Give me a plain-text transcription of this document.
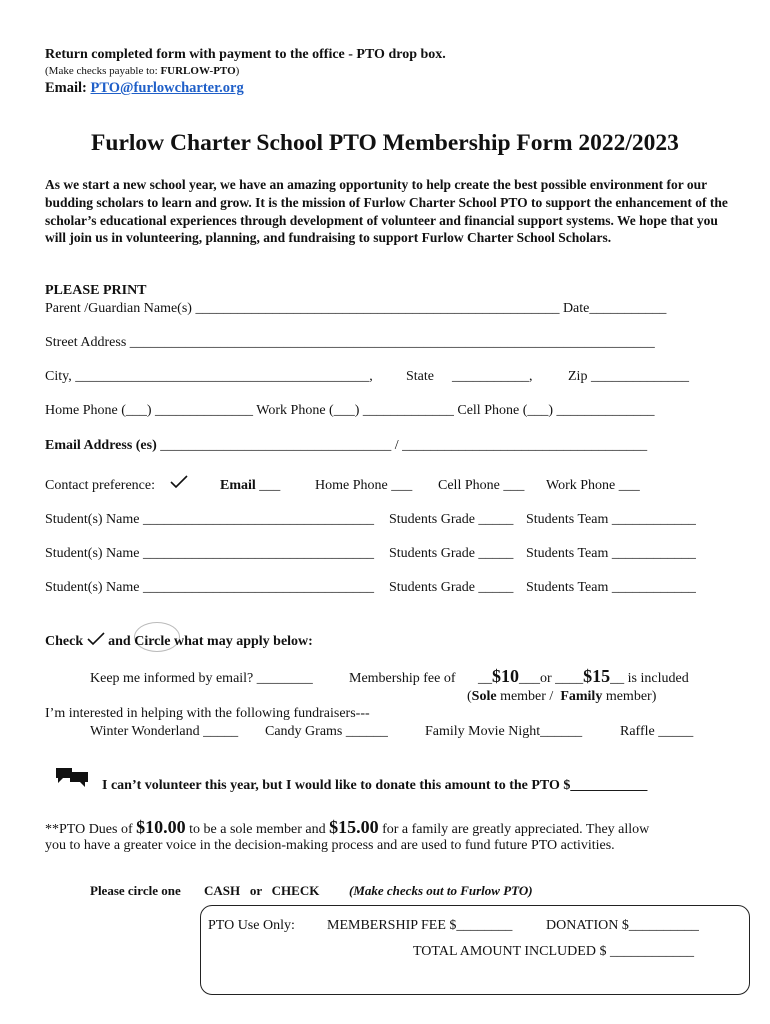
Return completed form with payment to the office - PTO drop box.
(Make checks payable to: FURLOW-PTO)
Email: PTO@furlowcharter.org
Furlow Charter School PTO Membership Form 2022/2023
As we start a new school year, we have an amazing opportunity to help create the best possible environment for our budding scholars to learn and grow. It is the mission of Furlow Charter School PTO to support the enhancement of the scholar’s educational experiences through development of volunteer and financial support systems. We hope that you will join us in volunteering, planning, and fundraising to support Furlow Charter School Scholars.
PLEASE PRINT
Parent /Guardian Name(s) ____________________________________________________ Date___________
Street Address ___________________________________________________________________________
City, __________________________________________, State ___________,	Zip ______________
Home Phone (___) ______________ Work Phone (___) _____________ Cell Phone (___) ______________
Email Address (es) _________________________________ / ___________________________________
Contact preference:	Email ___ Home Phone ___ Cell Phone ___ Work Phone ___
Student(s) Name _________________________________ Students Grade _____ Students Team ____________
Student(s) Name _________________________________ Students Grade _____ Students Team ____________
Student(s) Name _________________________________ Students Grade _____ Students Team ____________
Check and Circle what may apply below:
Keep me informed by email? ________	Membership fee of __$10___or ____$15__ is included
(Sole member / Family member)
I’m interested in helping with the following fundraisers---
Winter Wonderland _____ Candy Grams ______	Family Movie Night______	Raffle _____
I can’t volunteer this year, but I would like to donate this amount to the PTO $___________
**PTO Dues of $10.00 to be a sole member and $15.00 for a family are greatly appreciated. They allow
you to have a greater voice in the decision-making process and are used to fund future PTO activities.
Please circle one CASH   or   CHECK (Make checks out to Furlow PTO)
PTO Use Only: MEMBERSHIP FEE $________ DONATION $__________
TOTAL AMOUNT INCLUDED $ ____________
